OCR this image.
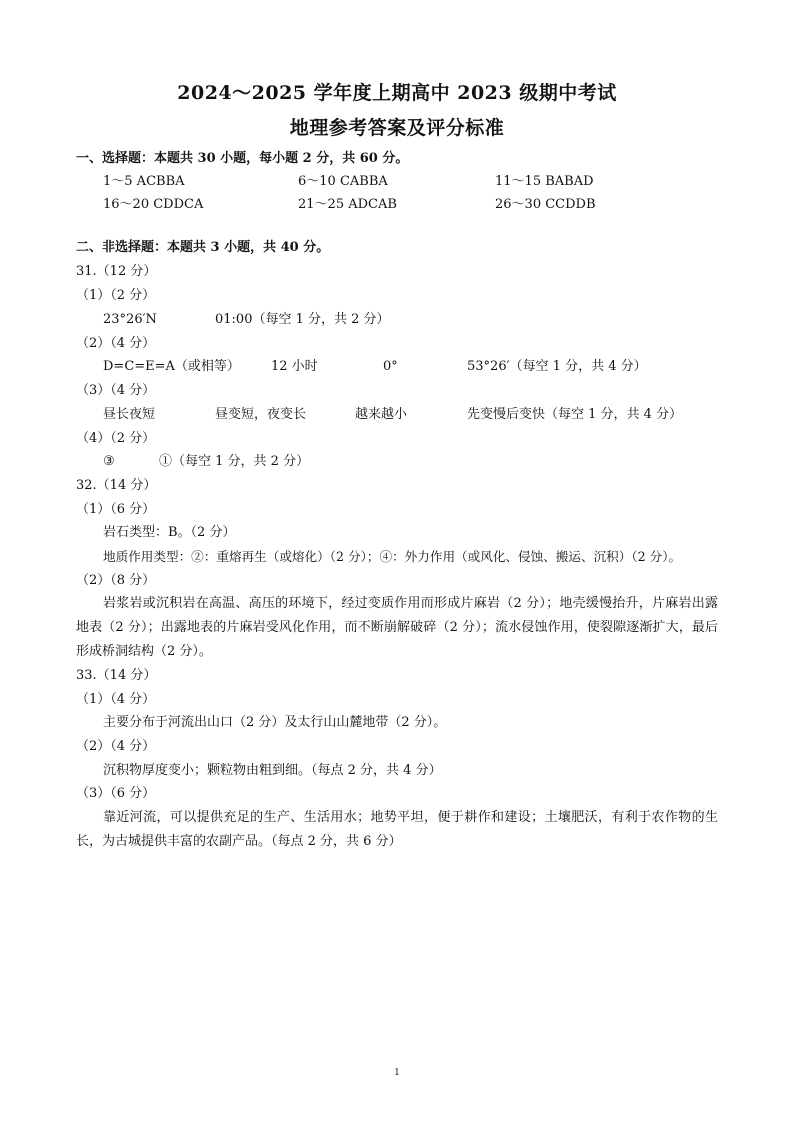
2024～2025 学年度上期高中 2023 级期中考试
地理参考答案及评分标准
一、选择题：本题共 30 小题，每小题 2 分，共 60 分。
1～5 ACBBA	6～10 CABBA	11～15 BABAD
16～20 CDDCA	21～25 ADCAB	26～30 CCDDB
二、非选择题：本题共 3 小题，共 40 分。
31.（12 分）
（1）（2 分）
23°26′N	01:00（每空 1 分，共 2 分）
（2）（4 分）
D=C=E=A（或相等） 12 小时	0°	53°26′（每空 1 分，共 4 分）
（3）（4 分）
昼长夜短	昼变短，夜变长	越来越小	先变慢后变快（每空 1 分，共 4 分）
（4）（2 分）
③	①（每空 1 分，共 2 分）
32.（14 分）
（1）（6 分）
岩石类型：B。（2 分）
地质作用类型：②：重熔再生（或熔化）（2 分）；④：外力作用（或风化、侵蚀、搬运、沉积）（2 分）。
（2）（8 分）
岩浆岩或沉积岩在高温、高压的环境下，经过变质作用而形成片麻岩（2 分）；地壳缓慢抬升，片麻岩出露地表（2 分）；出露地表的片麻岩受风化作用，而不断崩解破碎（2 分）；流水侵蚀作用，使裂隙逐渐扩大，最后形成桥洞结构（2 分）。
33.（14 分）
（1）（4 分）
主要分布于河流出山口（2 分）及太行山山麓地带（2 分）。
（2）（4 分）
沉积物厚度变小；颗粒物由粗到细。（每点 2 分，共 4 分）
（3）（6 分）
靠近河流，可以提供充足的生产、生活用水；地势平坦，便于耕作和建设；土壤肥沃，有利于农作物的生长，为古城提供丰富的农副产品。（每点 2 分，共 6 分）
1
